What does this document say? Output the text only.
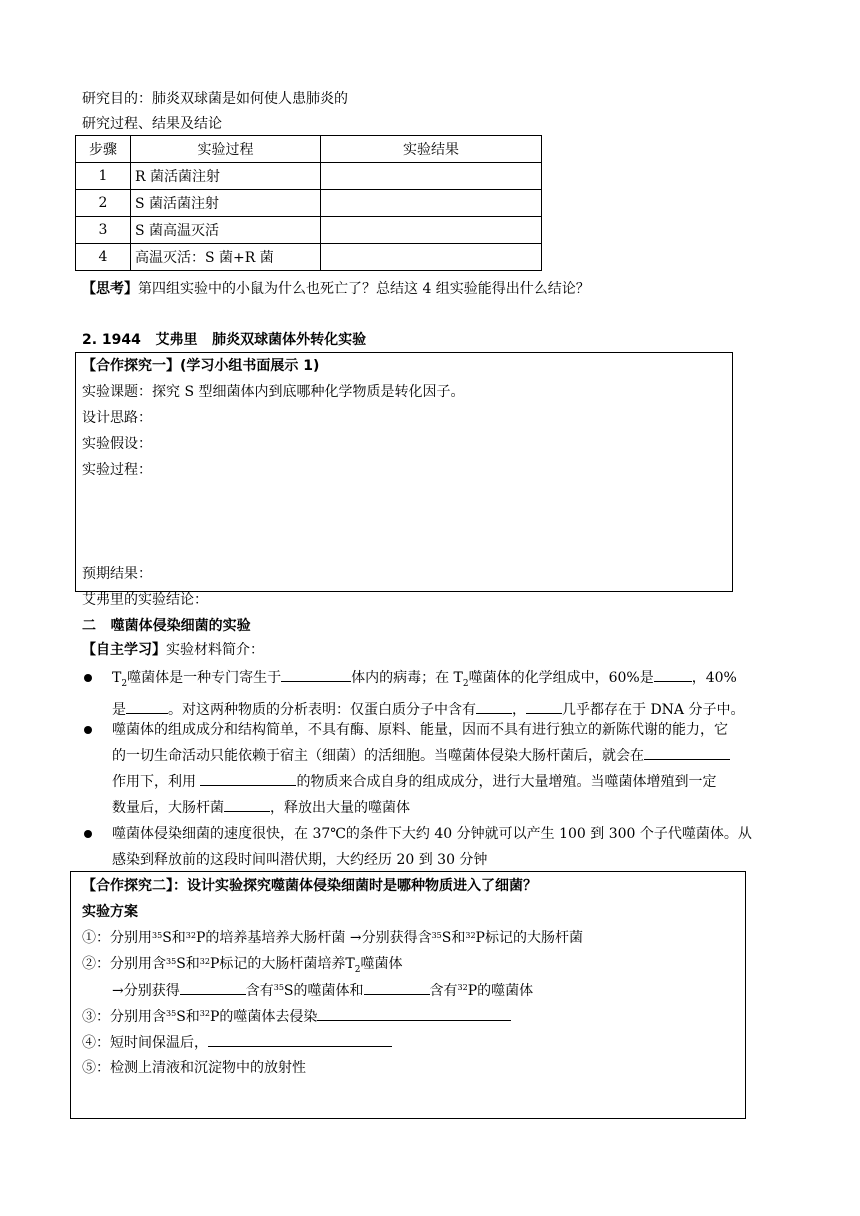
研究目的：肺炎双球菌是如何使人患肺炎的
研究过程、结果及结论
步骤	实验过程	实验结果
1	R 菌活菌注射	
2	S 菌活菌注射	
3	S 菌高温灭活	
4	高温灭活：S 菌+R 菌	
【思考】第四组实验中的小鼠为什么也死亡了？总结这 4 组实验能得出什么结论？
2. 1944   艾弗里   肺炎双球菌体外转化实验
【合作探究一】(学习小组书面展示 1)
实验课题：探究 S 型细菌体内到底哪种化学物质是转化因子。
设计思路：
实验假设：
实验过程：
预期结果：
艾弗里的实验结论：
二   噬菌体侵染细菌的实验
【自主学习】实验材料简介：
$T_2$噬菌体是一种专门寄生于	体内的病毒；在 $T_2$噬菌体的化学组成中，60%是	，40%
是	。对这两种物质的分析表明：仅蛋白质分子中含有	，	几乎都存在于 DNA 分子中。
噬菌体的组成成分和结构简单，不具有酶、原料、能量，因而不具有进行独立的新陈代谢的能力，它
的一切生命活动只能依赖于宿主（细菌）的活细胞。当噬菌体侵染大肠杆菌后，就会在
作用下，利用	的物质来合成自身的组成成分，进行大量增殖。当噬菌体增殖到一定
数量后，大肠杆菌	，释放出大量的噬菌体
噬菌体侵染细菌的速度很快，在 37℃的条件下大约 40 分钟就可以产生 100 到 300 个子代噬菌体。从
感染到释放前的这段时间叫潜伏期，大约经历 20 到 30 分钟
【合作探究二】：设计实验探究噬菌体侵染细菌时是哪种物质进入了细菌？
实验方案
①：分别用$^{35}$S和$^{32}$P的培养基培养大肠杆菌 →分别获得含$^{35}$S和$^{32}$P标记的大肠杆菌
②：分别用含$^{35}$S和$^{32}$P标记的大肠杆菌培养$T_2$噬菌体
→分别获得	含有$^{35}$S的噬菌体和	含有$^{32}$P的噬菌体
③：分别用含$^{35}$S和$^{32}$P的噬菌体去侵染
④：短时间保温后，
⑤：检测上清液和沉淀物中的放射性
